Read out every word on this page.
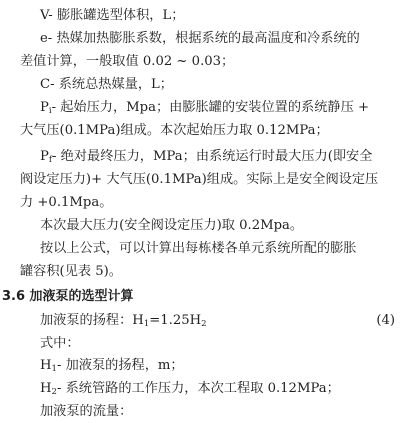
V- 膨胀罐选型体积，L；
e- 热媒加热膨胀系数，根据系统的最高温度和冷系统的
差值计算，一般取值 0.02 ~ 0.03；
C- 系统总热媒量，L；
$P_i-$ 起始压力，Mpa；由膨胀罐的安装位置的系统静压 +
大气压(0.1MPa)组成。本次起始压力取 0.12MPa；
$P_f-$ 绝对最终压力，MPa；由系统运行时最大压力(即安全
阀设定压力)+ 大气压(0.1MPa)组成。实际上是安全阀设定压
力 +0.1Mpa。
本次最大压力(安全阀设定压力)取 0.2Mpa。
按以上公式，可以计算出每栋楼各单元系统所配的膨胀
罐容积(见表 5)。
3.6 加液泵的选型计算
加液泵的扬程：$H_1=1.25H_2$	(4)
式中：
$H_1-$ 加液泵的扬程，m；
$H_2-$ 系统管路的工作压力，本次工程取 0.12MPa；
加液泵的流量：
